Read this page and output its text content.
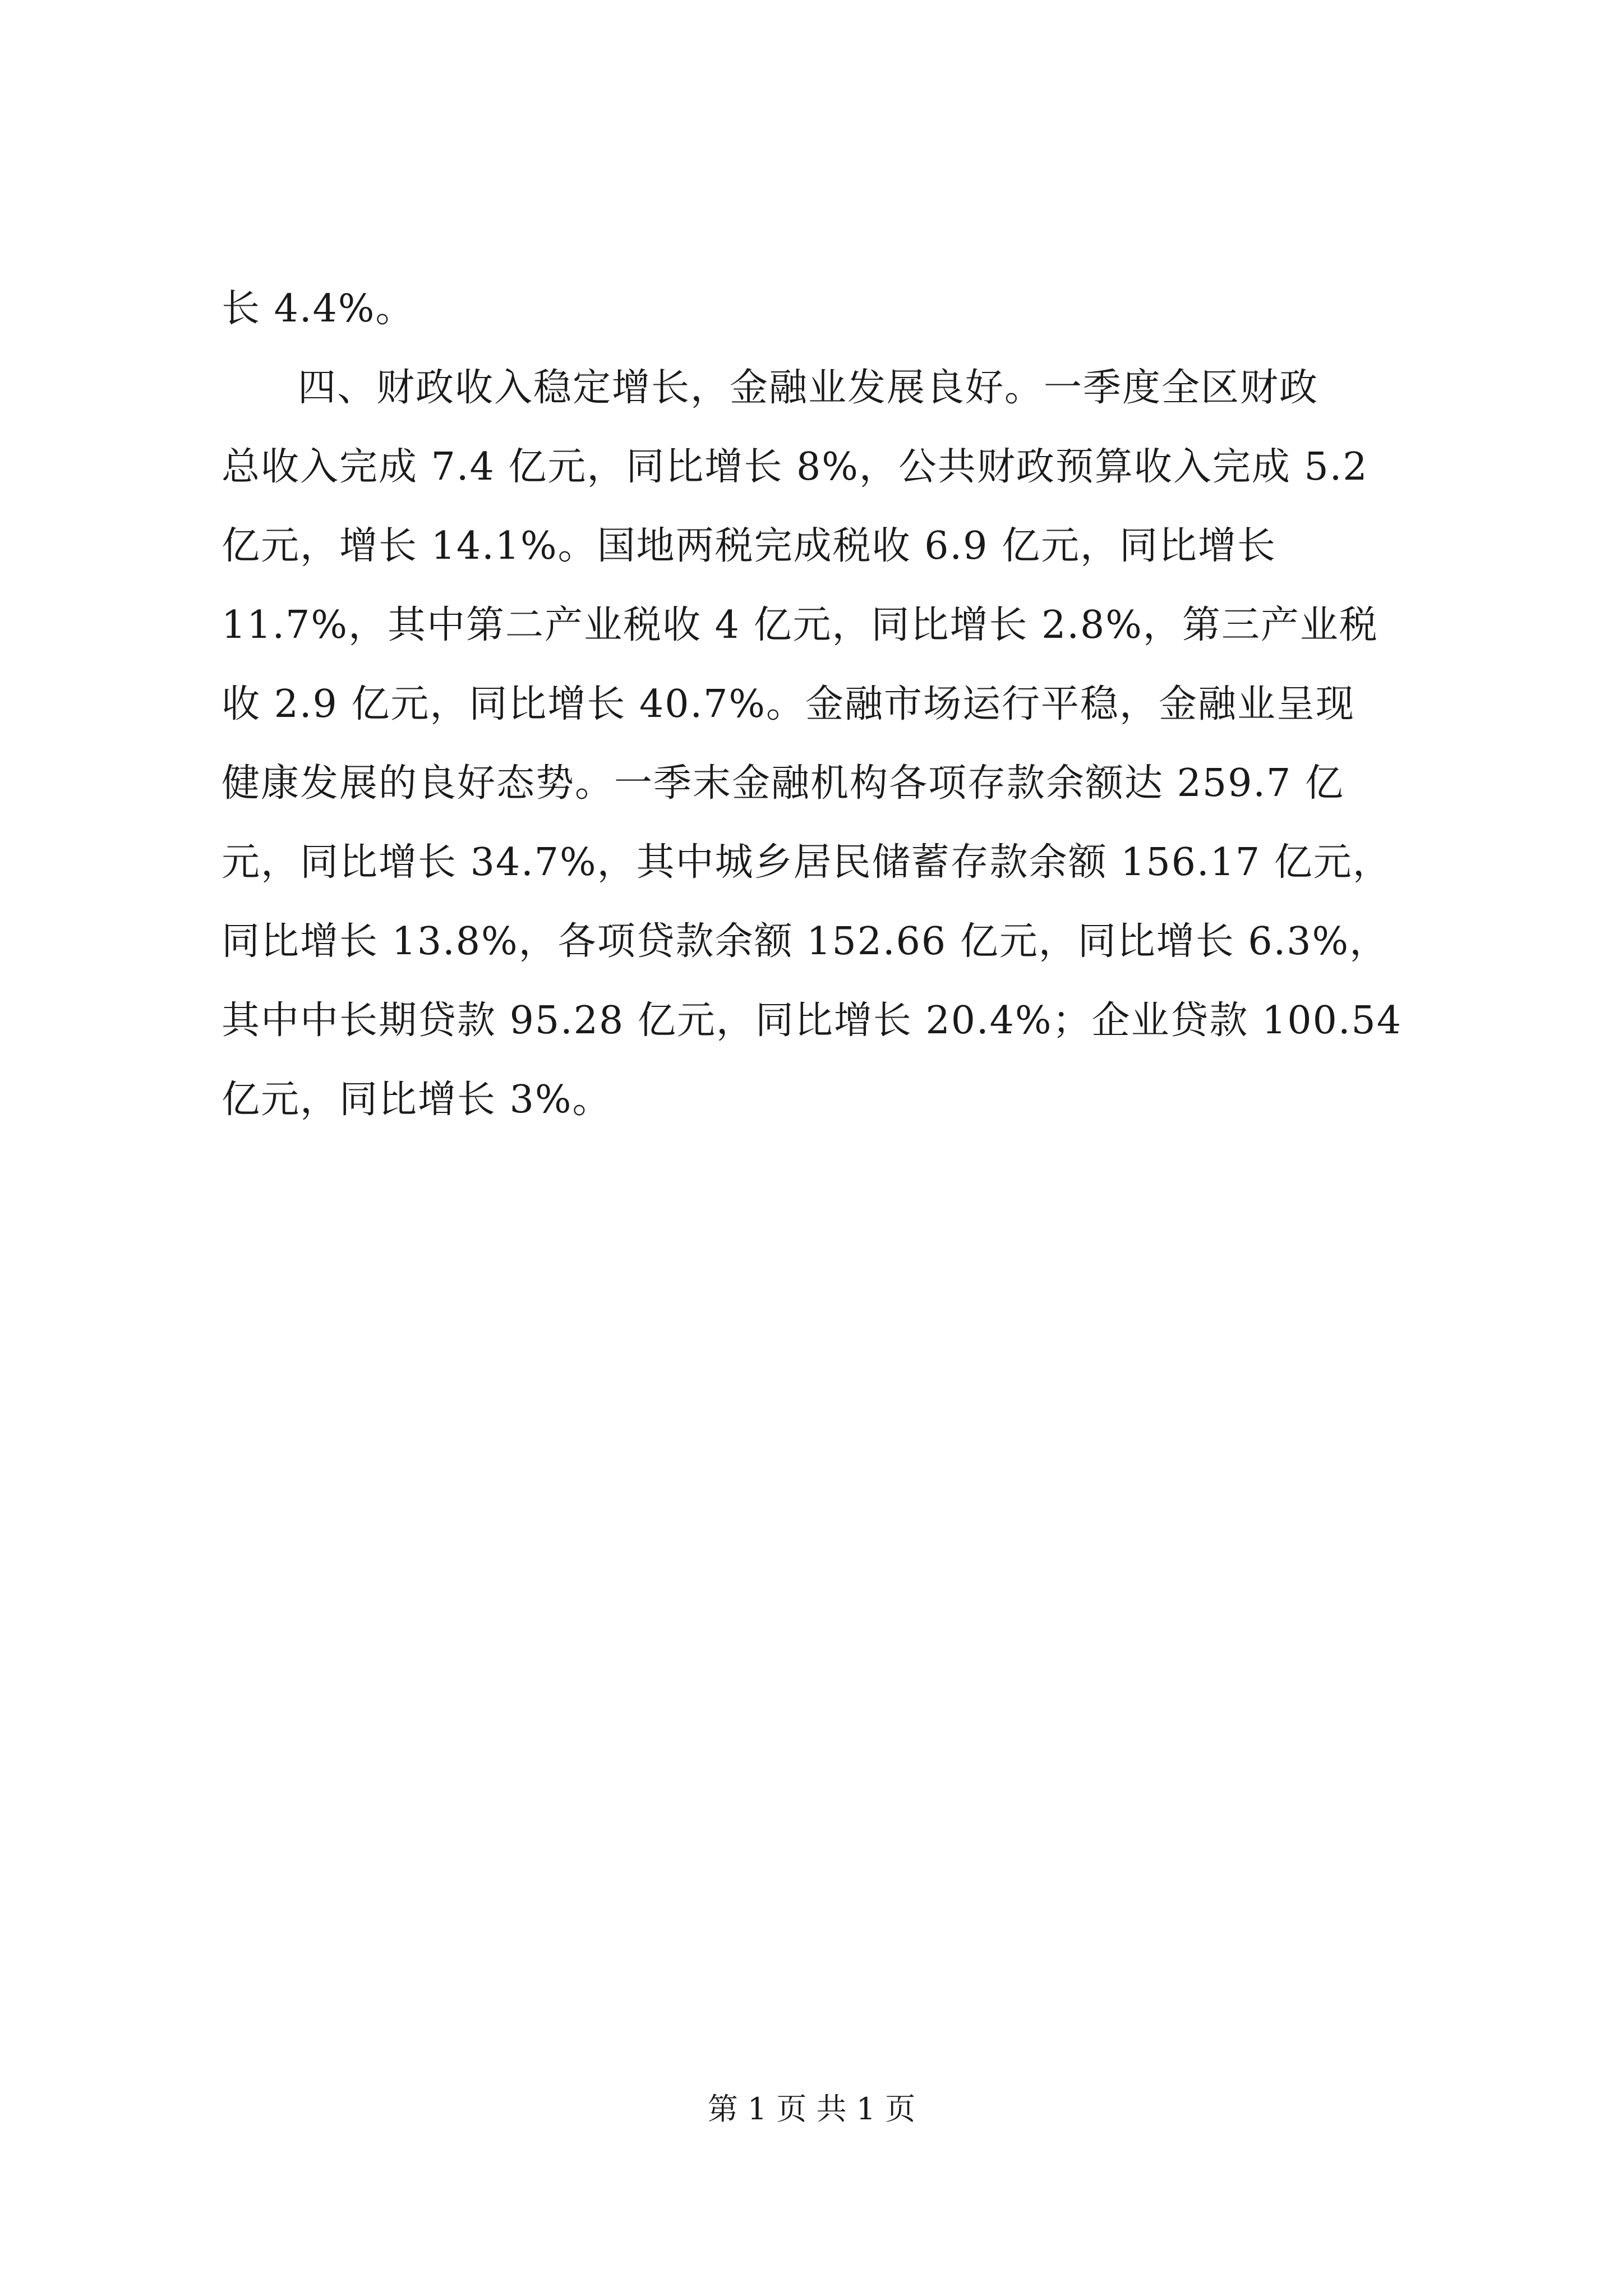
长 4.4%。
四、财政收入稳定增长，金融业发展良好。一季度全区财政
总收入完成 7.4 亿元，同比增长 8%，公共财政预算收入完成 5.2
亿元，增长 14.1%。国地两税完成税收 6.9 亿元，同比增长
11.7%，其中第二产业税收 4 亿元，同比增长 2.8%，第三产业税
收 2.9 亿元，同比增长 40.7%。金融市场运行平稳，金融业呈现
健康发展的良好态势。一季末金融机构各项存款余额达 259.7 亿
元，同比增长 34.7%，其中城乡居民储蓄存款余额 156.17 亿元，
同比增长 13.8%，各项贷款余额 152.66 亿元，同比增长 6.3%，
其中中长期贷款 95.28 亿元，同比增长 20.4%；企业贷款 100.54
亿元，同比增长 3%。
第 1 页 共 1 页
